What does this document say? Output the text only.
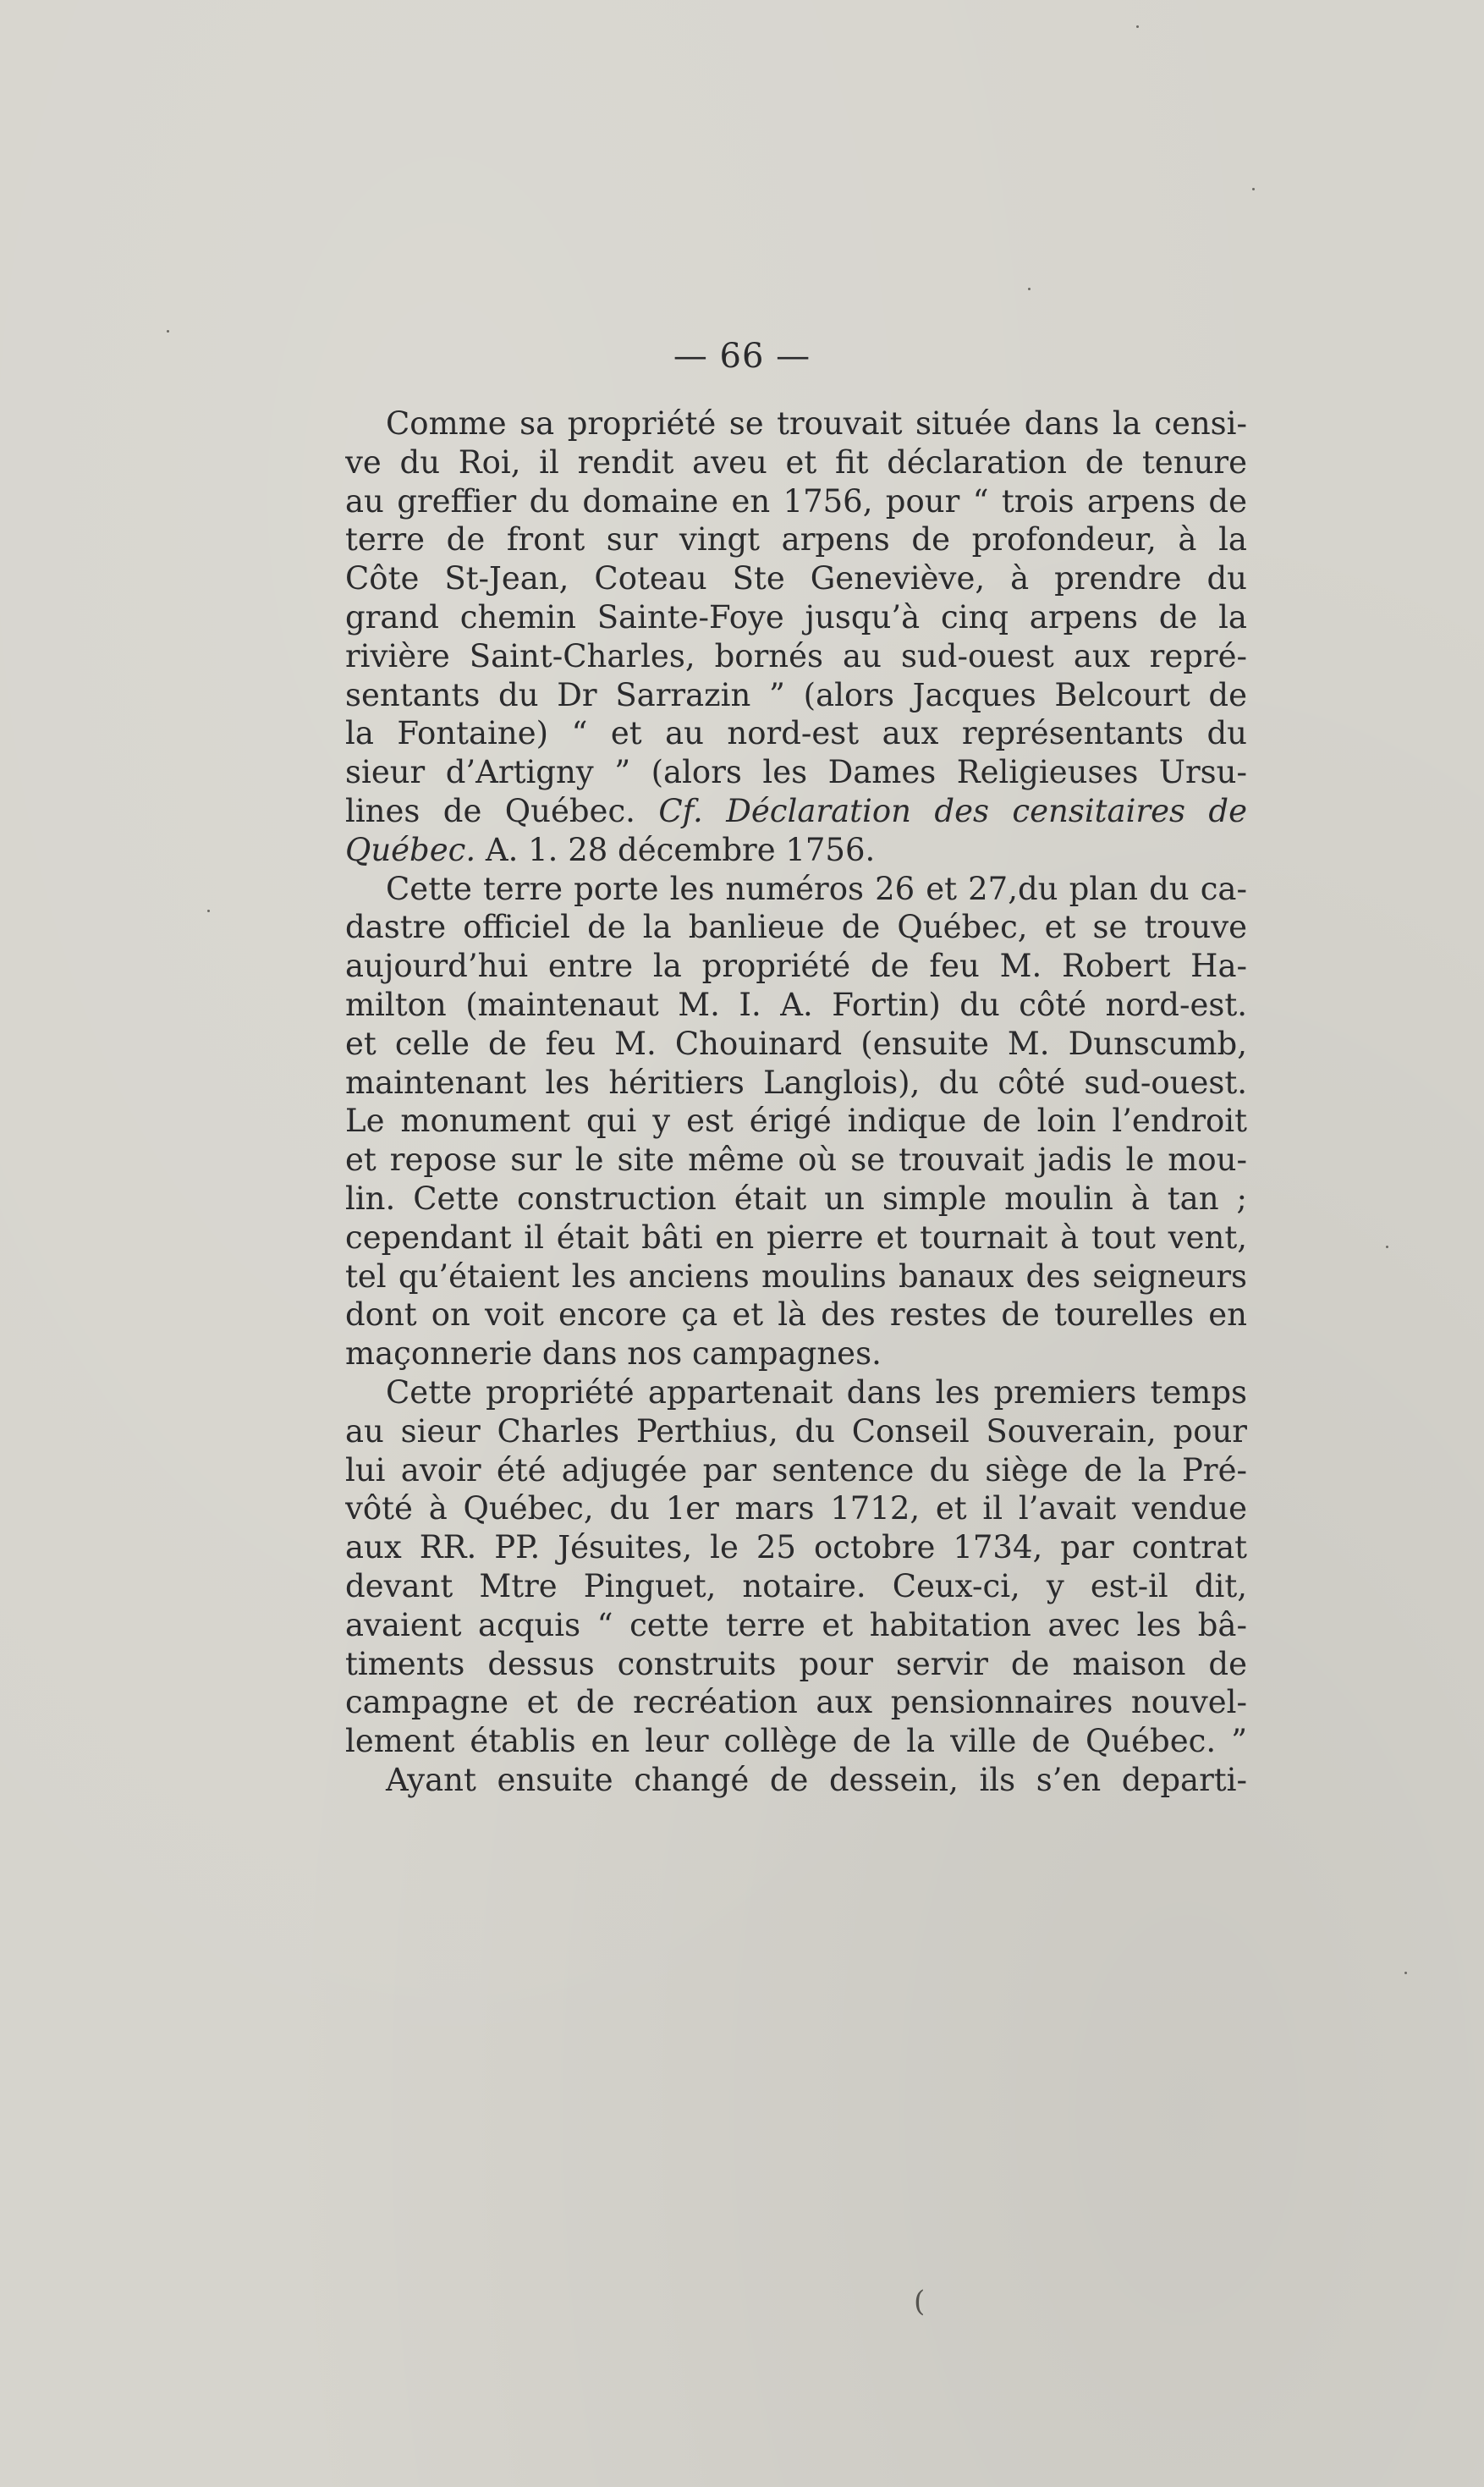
— 66 —
Comme sa propriété se trouvait située dans la censi-
ve du Roi, il rendit aveu et fit déclaration de tenure
au greffier du domaine en 1756, pour “ trois arpens de
terre de front sur vingt arpens de profondeur, à la
Côte St-Jean, Coteau Ste Geneviève, à prendre du
grand chemin Sainte-Foye jusqu’à cinq arpens de la
rivière Saint-Charles, bornés au sud-ouest aux repré-
sentants du Dr Sarrazin ” (alors Jacques Belcourt de
la Fontaine) “ et au nord-est aux représentants du
sieur d’Artigny ” (alors les Dames Religieuses Ursu-
lines de Québec. Cf. Déclaration des censitaires de
Québec. A. 1. 28 décembre 1756.
Cette terre porte les numéros 26 et 27,du plan du ca-
dastre officiel de la banlieue de Québec, et se trouve
aujourd’hui entre la propriété de feu M. Robert Ha-
milton (maintenaut M. I. A. Fortin) du côté nord-est.
et celle de feu M. Chouinard (ensuite M. Dunscumb,
maintenant les héritiers Langlois), du côté sud-ouest.
Le monument qui y est érigé indique de loin l’endroit
et repose sur le site même où se trouvait jadis le mou-
lin. Cette construction était un simple moulin à tan ;
cependant il était bâti en pierre et tournait à tout vent,
tel qu’étaient les anciens moulins banaux des seigneurs
dont on voit encore ça et là des restes de tourelles en
maçonnerie dans nos campagnes.
Cette propriété appartenait dans les premiers temps
au sieur Charles Perthius, du Conseil Souverain, pour
lui avoir été adjugée par sentence du siège de la Pré-
vôté à Québec, du 1er mars 1712, et il l’avait vendue
aux RR. PP. Jésuites, le 25 octobre 1734, par contrat
devant Mtre Pinguet, notaire. Ceux-ci, y est-il dit,
avaient acquis “ cette terre et habitation avec les bâ-
timents dessus construits pour servir de maison de
campagne et de recréation aux pensionnaires nouvel-
lement établis en leur collège de la ville de Québec. ”
Ayant ensuite changé de dessein, ils s’en departi-
(
